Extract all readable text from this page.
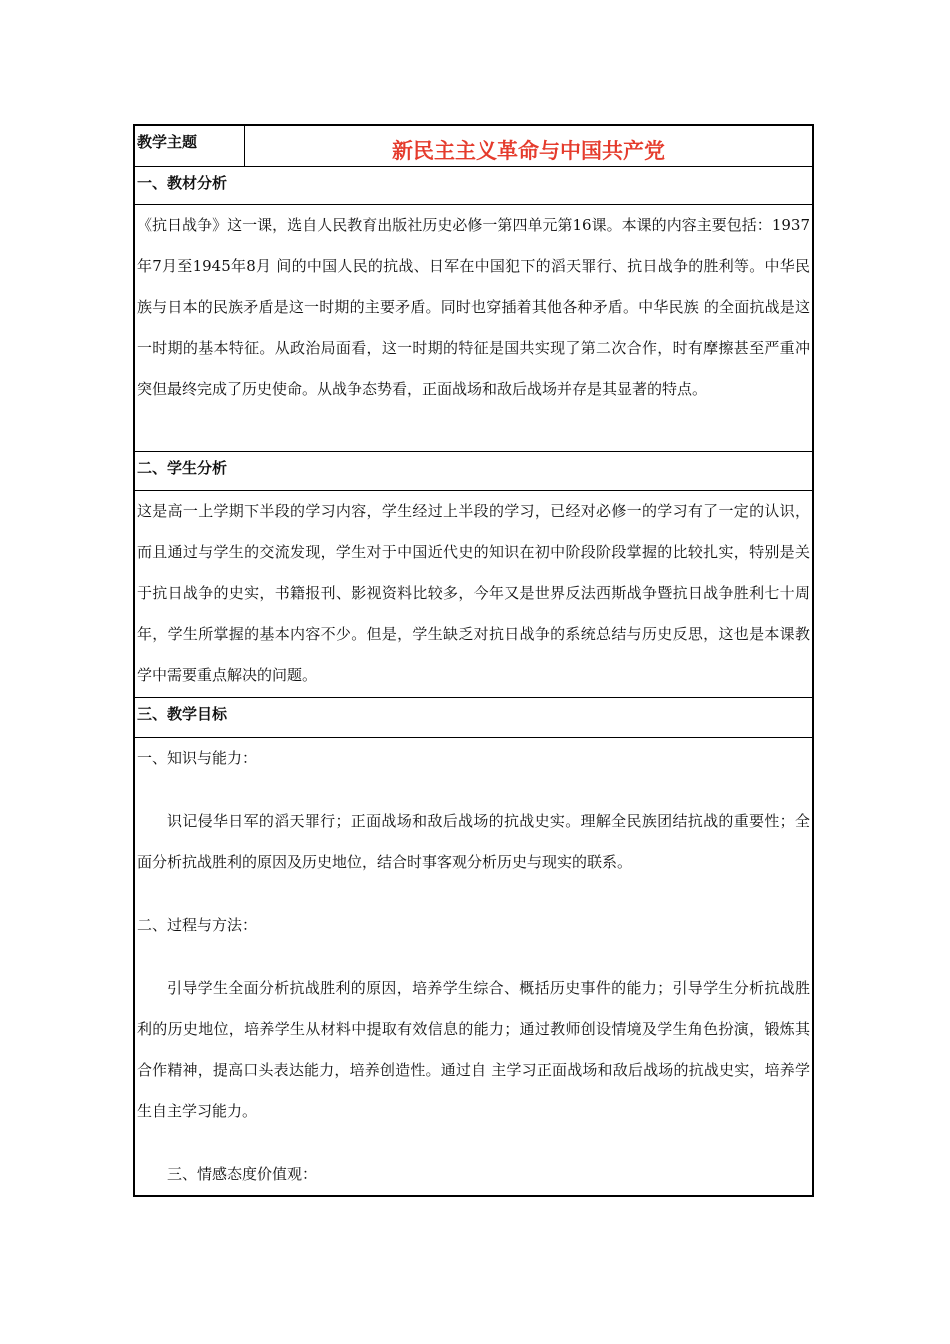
教学主题	新民主主义革命与中国共产党
一、教材分析

《抗日战争》这一课，选自人民教育出版社历史必修一第四单元第16课。本课的内容主要包括：1937年7月至1945年8月 间的中国人民的抗战、日军在中国犯下的滔天罪行、抗日战争的胜利等。中华民族与日本的民族矛盾是这一时期的主要矛盾。同时也穿插着其他各种矛盾。中华民族 的全面抗战是这一时期的基本特征。从政治局面看，这一时期的特征是国共实现了第二次合作，时有摩擦甚至严重冲突但最终完成了历史使命。从战争态势看，正面战场和敌后战场并存是其显著的特点。

二、学生分析

这是高一上学期下半段的学习内容，学生经过上半段的学习，已经对必修一的学习有了一定的认识，而且通过与学生的交流发现，学生对于中国近代史的知识在初中阶段阶段掌握的比较扎实，特别是关于抗日战争的史实，书籍报刊、影视资料比较多，今年又是世界反法西斯战争暨抗日战争胜利七十周年，学生所掌握的基本内容不少。但是，学生缺乏对抗日战争的系统总结与历史反思，这也是本课教学中需要重点解决的问题。

三、教学目标

一、知识与能力：

识记侵华日军的滔天罪行；正面战场和敌后战场的抗战史实。理解全民族团结抗战的重要性；全面分析抗战胜利的原因及历史地位，结合时事客观分析历史与现实的联系。

二、过程与方法：

引导学生全面分析抗战胜利的原因，培养学生综合、概括历史事件的能力；引导学生分析抗战胜利的历史地位，培养学生从材料中提取有效信息的能力；通过教师创设情境及学生角色扮演，锻炼其合作精神，提高口头表达能力，培养创造性。通过自 主学习正面战场和敌后战场的抗战史实，培养学生自主学习能力。

三、情感态度价值观：
